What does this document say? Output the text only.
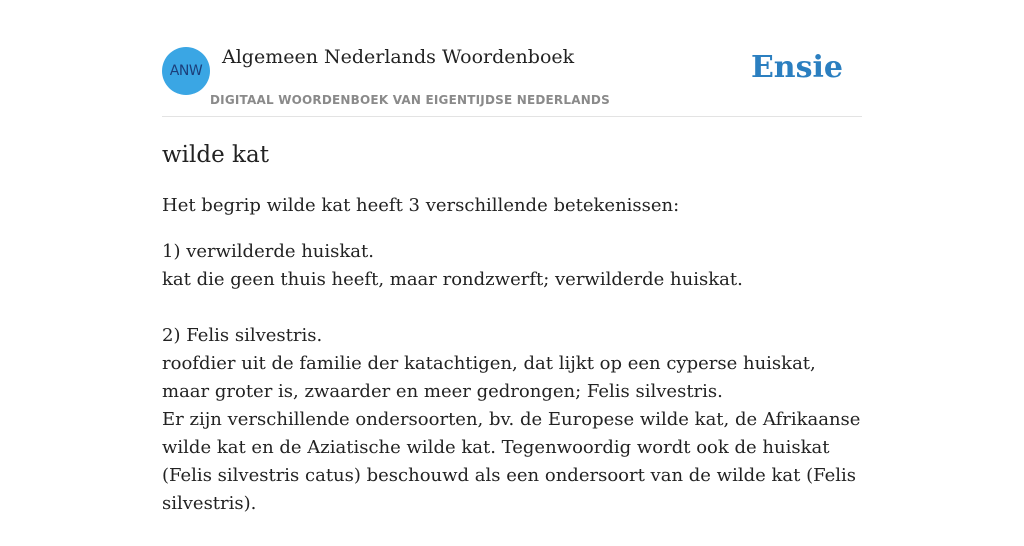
ANW
Algemeen Nederlands Woordenboek
DIGITAAL WOORDENBOEK VAN EIGENTIJDSE NEDERLANDS
Ensie
wilde kat

Het begrip wilde kat heeft 3 verschillende betekenissen:

1) verwilderde huiskat.
kat die geen thuis heeft, maar rondzwerft; verwilderde huiskat.
2) Felis silvestris.
roofdier uit de familie der katachtigen, dat lijkt op een cyperse huiskat, maar groter is, zwaarder en meer gedrongen; Felis silvestris.
Er zijn verschillende ondersoorten, bv. de Europese wilde kat, de Afrikaanse wilde kat en de Aziatische wilde kat. Tegenwoordig wordt ook de huiskat (Felis silvestris catus) beschouwd als een ondersoort van de wilde kat (Felis silvestris).
